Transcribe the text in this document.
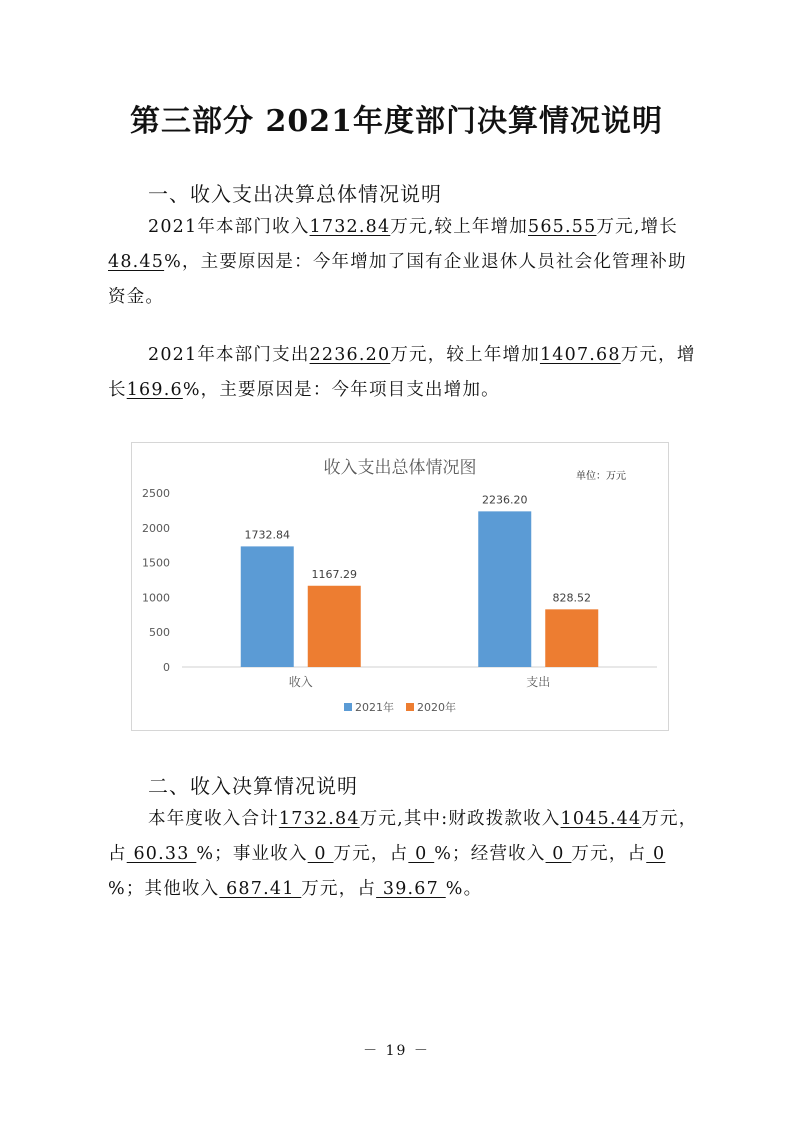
第三部分 2021年度部门决算情况说明
一、收入支出决算总体情况说明
2021年本部门收入1732.84万元,较上年增加565.55万元,增长48.45%，主要原因是：今年增加了国有企业退休人员社会化管理补助资金。
2021年本部门支出2236.20万元，较上年增加1407.68万元，增长169.6%，主要原因是：今年项目支出增加。
收入支出总体情况图	单位：万元
0
500
1000
1500
2000
2500
1732.84
1167.29
收入
2236.20
828.52
支出
2021年 2020年
二、收入决算情况说明
本年度收入合计1732.84万元,其中:财政拨款收入1045.44万元，占 60.33 %；事业收入 0 万元，占 0 %；经营收入 0 万元，占 0 %；其他收入 687.41 万元，占 39.67 %。
－ 19 －
